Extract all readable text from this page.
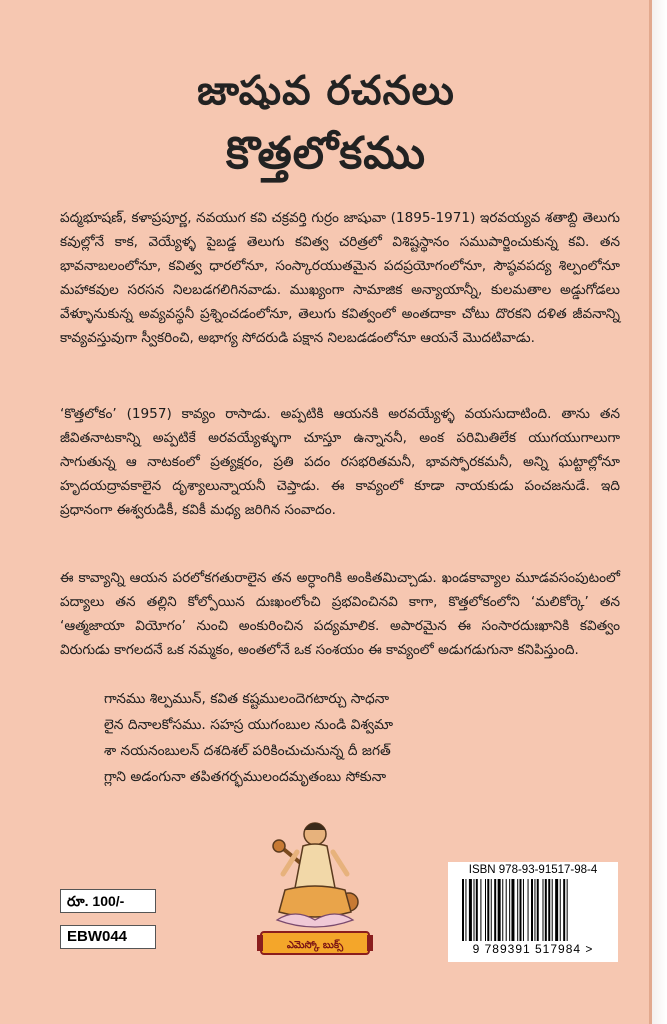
జాషువ రచనలు
కొత్తలోకము

పద్మభూషణ్, కళాప్రపూర్ణ, నవయుగ కవి చక్రవర్తి గుర్రం జాషువా (1895-1971) ఇరవయ్యవ శతాబ్ది తెలుగు కవుల్లోనే కాక, వెయ్యేళ్ళ పైబడ్డ తెలుగు కవిత్వ చరిత్రలో విశిష్టస్థానం సముపార్జించుకున్న కవి. తన భావనాబలంలోనూ, కవిత్వ ధారలోనూ, సంస్కారయుతమైన పదప్రయోగంలోనూ, సౌష్ఠవపద్య శిల్పంలోనూ మహాకవుల సరసన నిలబడగలిగినవాడు. ముఖ్యంగా సామాజిక అన్యాయాన్నీ, కులమతాల అడ్డుగోడలు వేళ్ళూనుకున్న అవ్యవస్థనీ ప్రశ్నించడంలోనూ, తెలుగు కవిత్వంలో అంతదాకా చోటు దొరకని దళిత జీవనాన్ని కావ్యవస్తువుగా స్వీకరించి, అభాగ్య సోదరుడి పక్షాన నిలబడడంలోనూ ఆయనే మొదటివాడు.

‘కొత్తలోకం’ (1957) కావ్యం రాసాడు. అప్పటికి ఆయనకి అరవయ్యేళ్ళ వయసుదాటింది. తాను తన జీవితనాటకాన్ని అప్పటికే అరవయ్యేళ్ళుగా చూస్తూ ఉన్నాననీ, అంక పరిమితిలేక యుగయుగాలుగా సాగుతున్న ఆ నాటకంలో ప్రత్యక్షరం, ప్రతి పదం రసభరితమనీ, భావస్ఫోరకమనీ, అన్ని ఘట్టాల్లోనూ హృదయద్రావకాలైన దృశ్యాలున్నాయనీ చెప్తాడు. ఈ కావ్యంలో కూడా నాయకుడు పంచజనుడే. ఇది ప్రధానంగా ఈశ్వరుడికీ, కవికీ మధ్య జరిగిన సంవాదం.

ఈ కావ్యాన్ని ఆయన పరలోకగతురాలైన తన అర్ధాంగికి అంకితమిచ్చాడు. ఖండకావ్యాల మూడవసంపుటంలో పద్యాలు తన తల్లిని కోల్పోయిన దుఃఖంలోంచి ప్రభవించినవి కాగా, కొత్తలోకంలోని ‘మలికోర్కె’ తన ‘ఆత్మజాయా వియోగం’ నుంచి అంకురించిన పద్యమాలిక. అపారమైన ఈ సంసారదుఃఖానికి కవిత్వం విరుగుడు కాగలదనే ఒక నమ్మకం, అంతలోనే ఒక సంశయం ఈ కావ్యంలో అడుగడుగునా కనిపిస్తుంది.

గానము శిల్పమున్, కవిత కష్టములందెగటార్చు సాధనా
లైన దినాలకోసము. సహస్ర యుగంబుల నుండి విశ్వమా
శా నయనంబులన్ దశదిశల్ పరికించుచునున్న దీ జగత్
గ్లాని అడంగునా తపితగర్భములందమృతంబు సోకునా
ఎమెస్కో బుక్స్
రూ. 100/-
EBW044
ISBN 978-93-91517-98-4
9 789391 517984 >
